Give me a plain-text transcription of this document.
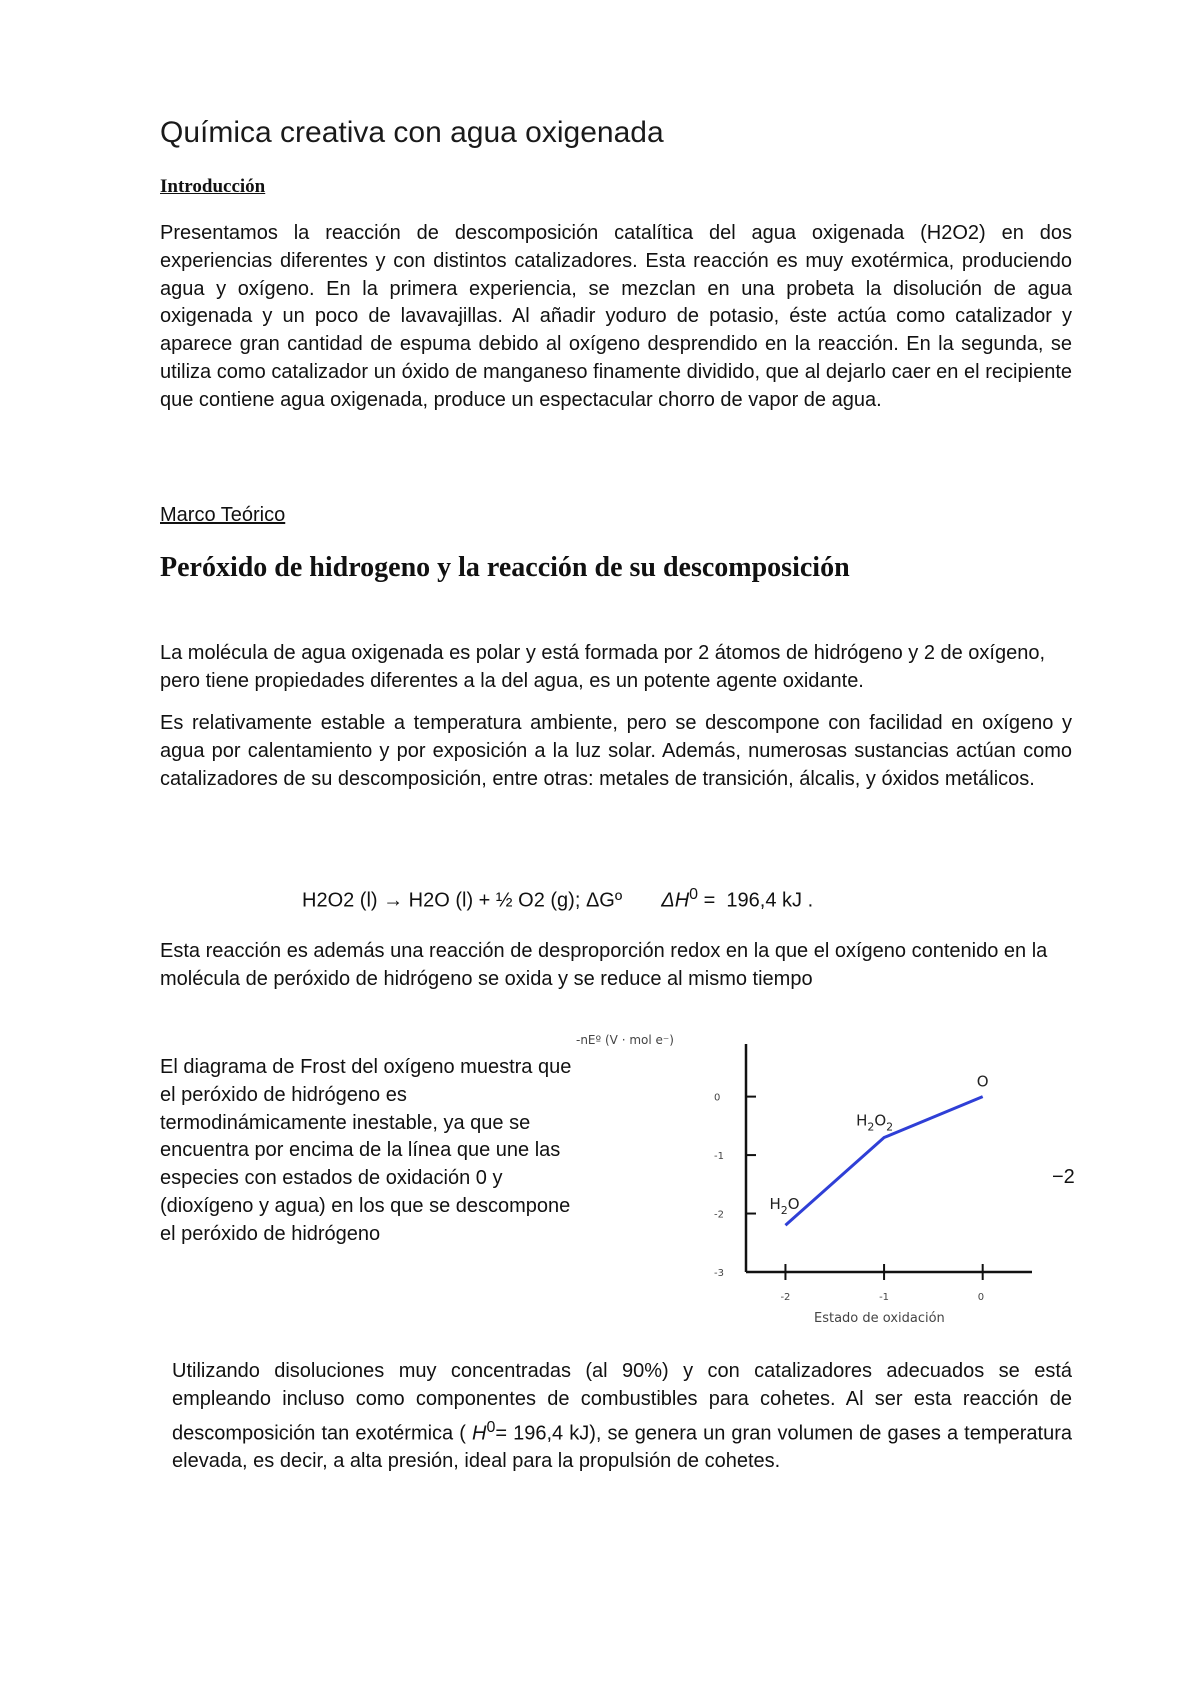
Química creativa con agua oxigenada
Introducción
Presentamos la reacción de descomposición catalítica del agua oxigenada (H2O2) en dos experiencias diferentes y con distintos catalizadores. Esta reacción es muy exotérmica, produciendo agua y oxígeno. En la primera experiencia, se mezclan en una probeta la disolución de agua oxigenada y un poco de lavavajillas. Al añadir yoduro de potasio, éste actúa como catalizador y aparece gran cantidad de espuma debido al oxígeno desprendido en la reacción. En la segunda, se utiliza como catalizador un óxido de manganeso finamente dividido, que al dejarlo caer en el recipiente que contiene agua oxigenada, produce un espectacular chorro de vapor de agua.
Marco Teórico
Peróxido de hidrogeno y la reacción de su descomposición
La molécula de agua oxigenada es polar y está formada por 2 átomos de hidrógeno y 2 de oxígeno, pero tiene propiedades diferentes a la del agua, es un potente agente oxidante.
Es relativamente estable a temperatura ambiente, pero se descompone con facilidad en oxígeno y agua por calentamiento y por exposición a la luz solar. Además, numerosas sustancias actúan como catalizadores de su descomposición, entre otras: metales de transición, álcalis, y óxidos metálicos.
H2O2 (l) → H2O (l) + ½ O2 (g); ΔGº $\Delta H^0 = 196,4$ kJ .
Esta reacción es además una reacción de desproporción redox en la que el oxígeno contenido en la molécula de peróxido de hidrógeno se oxida y se reduce al mismo tiempo
El diagrama de Frost del oxígeno muestra que el peróxido de hidrógeno es termodinámicamente inestable, ya que se encuentra por encima de la línea que une las especies con estados de oxidación 0 y (dioxígeno y agua) en los que se descompone el peróxido de hidrógeno
−2
-nEº (V · mol e⁻)
0
-1
-2
-3
-2	-1	0
Estado de oxidación
$H_2O$
$H_2O_2$
O
Utilizando disoluciones muy concentradas (al 90%) y con catalizadores adecuados se está empleando incluso como componentes de combustibles para cohetes. Al ser esta reacción de descomposición tan exotérmica ( $H^0= 196,4$ kJ), se genera un gran volumen de gases a temperatura elevada, es decir, a alta presión, ideal para la propulsión de cohetes.
